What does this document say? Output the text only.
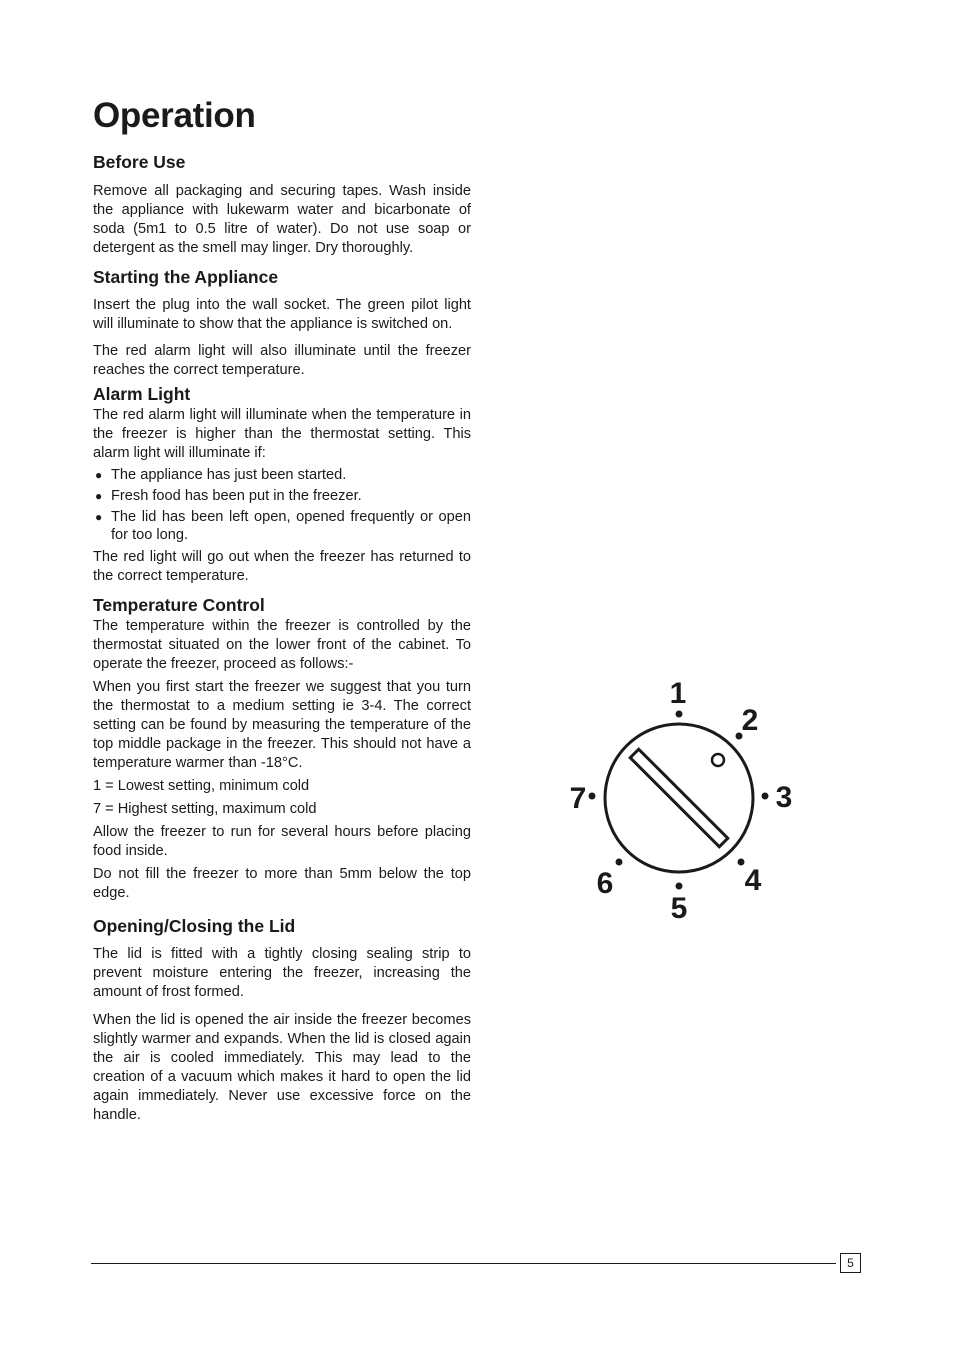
Operation
Before Use

Remove all packaging and securing tapes. Wash inside the appliance with lukewarm water and bicarbonate of soda (5m1 to 0.5 litre of water). Do not use soap or detergent as the smell may linger. Dry thoroughly.

Starting the Appliance

Insert the plug into the wall socket. The green pilot light will illuminate to show that the appliance is switched on.

The red alarm light will also illuminate until the freezer reaches the correct temperature.

Alarm Light

The red alarm light will illuminate when the temperature in the freezer is higher than the thermostat setting. This alarm light will illuminate if:

● The appliance has just been started.
● Fresh food has been put in the freezer.
● The lid has been left open, opened frequently or open for too long.

The red light will go out when the freezer has returned to the correct temperature.

Temperature Control

The temperature within the freezer is controlled by the thermostat situated on the lower front of the cabinet. To operate the freezer, proceed as follows:-

When you first start the freezer we suggest that you turn the thermostat to a medium setting ie 3-4. The correct setting can be found by measuring the temperature of the top middle package in the freezer. This should not have a temperature warmer than -18°C.

1 = Lowest setting, minimum cold

7 = Highest setting, maximum cold

Allow the freezer to run for several hours before placing food inside.

Do not fill the freezer to more than 5mm below the top edge.

Opening/Closing the Lid

The lid is fitted with a tightly closing sealing strip to prevent moisture entering the freezer, increasing the amount of frost formed.

When the lid is opened the air inside the freezer becomes slightly warmer and expands. When the lid is closed again the air is cooled immediately. This may lead to the creation of a vacuum which makes it hard to open the lid again immediately. Never use excessive force on the handle.

1
2
3
4
5
6
7
5
